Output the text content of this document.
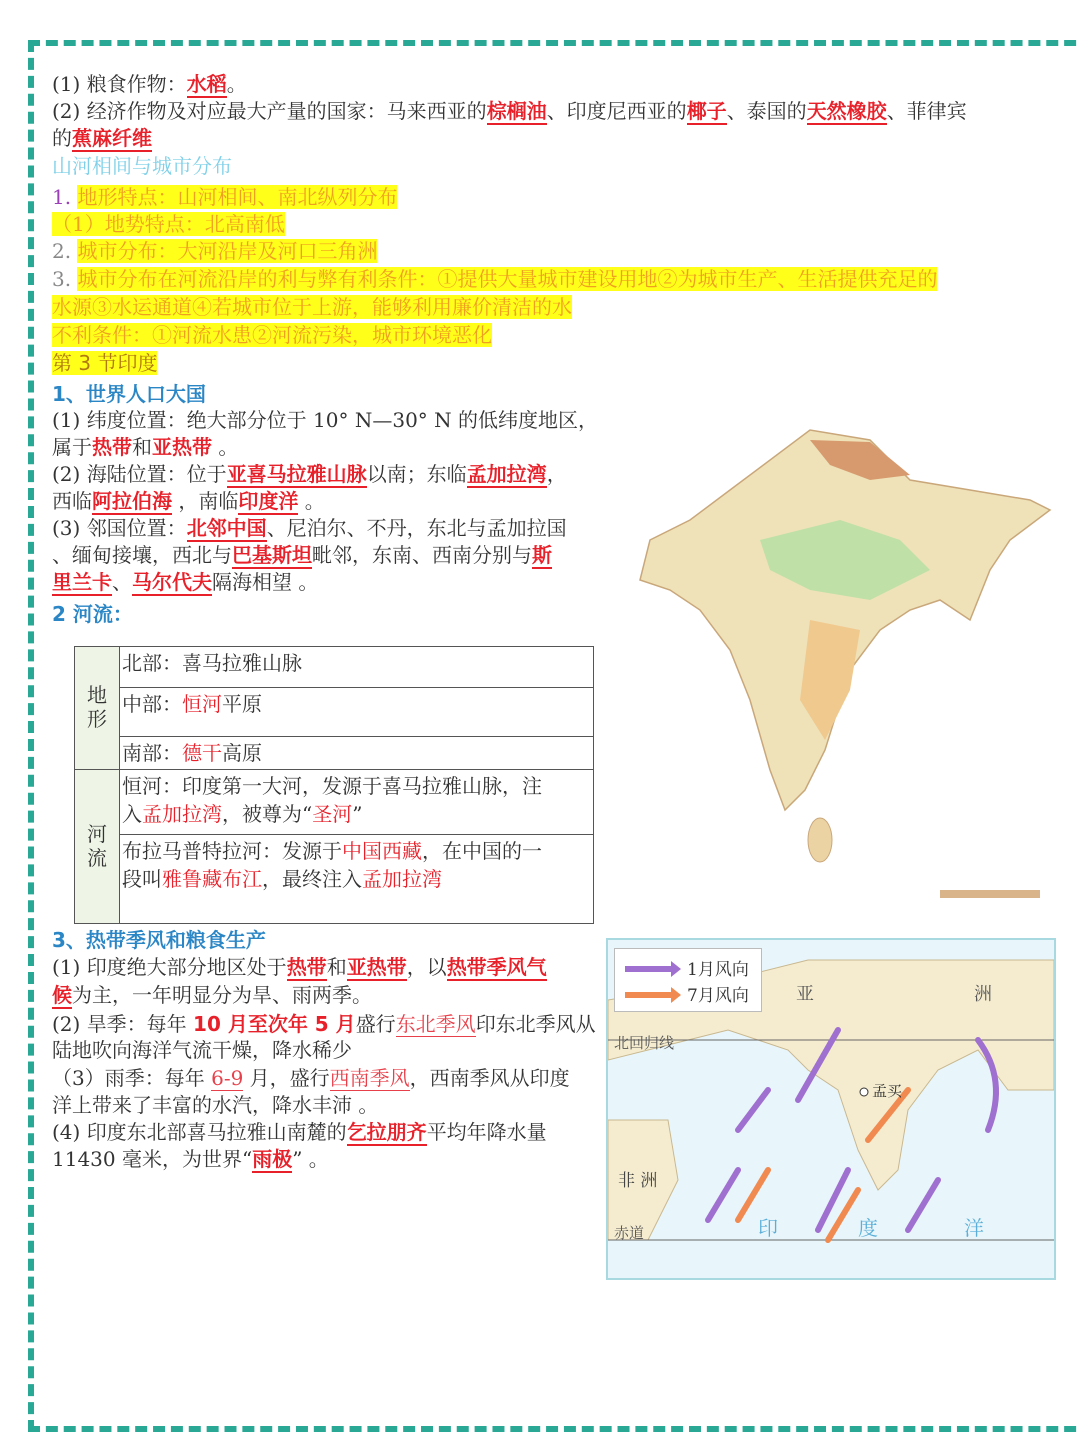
(1) 粮食作物：水稻。
(2) 经济作物及对应最大产量的国家：马来西亚的棕榈油、印度尼西亚的椰子、泰国的天然橡胶、菲律宾
的蕉麻纤维
山河相间与城市分布
1. 地形特点：山河相间、南北纵列分布
（1）地势特点：北高南低
2. 城市分布：大河沿岸及河口三角洲
3. 城市分布在河流沿岸的利与弊有利条件：①提供大量城市建设用地②为城市生产、生活提供充足的
水源③水运通道④若城市位于上游，能够利用廉价清洁的水
不利条件：①河流水患②河流污染，城市环境恶化
第 3 节印度
1、世界人口大国
(1) 纬度位置：绝大部分位于 10° N—30° N 的低纬度地区，
属于热带和亚热带 。
(2) 海陆位置：位于亚喜马拉雅山脉以南；东临孟加拉湾，
西临阿拉伯海 ，南临印度洋 。
(3) 邻国位置：北邻中国、尼泊尔、不丹，东北与孟加拉国
、缅甸接壤，西北与巴基斯坦毗邻，东南、西南分别与斯
里兰卡、马尔代夫隔海相望 。
2 河流：
地形	北部：喜马拉雅山脉
	中部：恒河平原
	南部：德干高原
河流	恒河：印度第一大河，发源于喜马拉雅山脉，注
入孟加拉湾，被尊为“圣河”
	布拉马普特拉河：发源于中国西藏，在中国的一
段叫雅鲁藏布江，最终注入孟加拉湾
3、热带季风和粮食生产
(1) 印度绝大部分地区处于热带和亚热带，以热带季风气
候为主，一年明显分为旱、雨两季。
(2) 旱季：每年 10 月至次年 5 月盛行东北季风印东北季风从
陆地吹向海洋气流干燥，降水稀少
（3）雨季：每年 6-9 月，盛行西南季风，西南季风从印度
洋上带来了丰富的水汽，降水丰沛 。
(4) 印度东北部喜马拉雅山南麓的乞拉朋齐平均年降水量
11430 毫米，为世界“雨极” 。
1月风向
7月风向	亚	洲
北回归线
孟买
非 洲
赤道	印	度	洋
